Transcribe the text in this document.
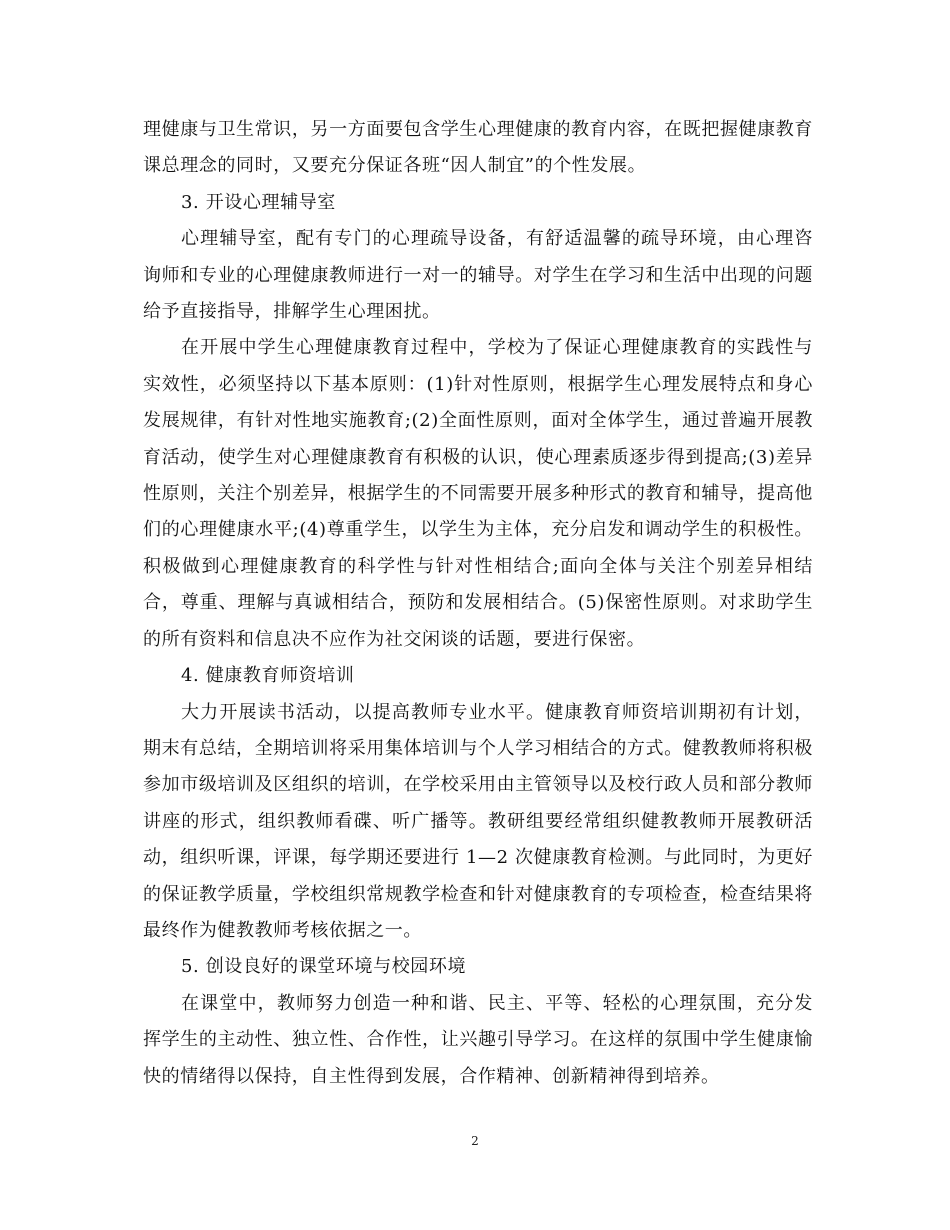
理健康与卫生常识，另一方面要包含学生心理健康的教育内容，在既把握健康教育课总理念的同时，又要充分保证各班“因人制宜”的个性发展。

3. 开设心理辅导室

心理辅导室，配有专门的心理疏导设备，有舒适温馨的疏导环境，由心理咨询师和专业的心理健康教师进行一对一的辅导。对学生在学习和生活中出现的问题给予直接指导，排解学生心理困扰。

在开展中学生心理健康教育过程中，学校为了保证心理健康教育的实践性与实效性，必须坚持以下基本原则：(1)针对性原则，根据学生心理发展特点和身心发展规律，有针对性地实施教育;(2)全面性原则，面对全体学生，通过普遍开展教育活动，使学生对心理健康教育有积极的认识，使心理素质逐步得到提高;(3)差异性原则，关注个别差异，根据学生的不同需要开展多种形式的教育和辅导，提高他们的心理健康水平;(4)尊重学生，以学生为主体，充分启发和调动学生的积极性。积极做到心理健康教育的科学性与针对性相结合;面向全体与关注个别差异相结合，尊重、理解与真诚相结合，预防和发展相结合。(5)保密性原则。对求助学生的所有资料和信息决不应作为社交闲谈的话题，要进行保密。

4. 健康教育师资培训

大力开展读书活动，以提高教师专业水平。健康教育师资培训期初有计划，期末有总结，全期培训将采用集体培训与个人学习相结合的方式。健教教师将积极参加市级培训及区组织的培训，在学校采用由主管领导以及校行政人员和部分教师讲座的形式，组织教师看碟、听广播等。教研组要经常组织健教教师开展教研活动，组织听课，评课，每学期还要进行 1—2 次健康教育检测。与此同时，为更好的保证教学质量，学校组织常规教学检查和针对健康教育的专项检查，检查结果将最终作为健教教师考核依据之一。

5. 创设良好的课堂环境与校园环境

在课堂中，教师努力创造一种和谐、民主、平等、轻松的心理氛围，充分发挥学生的主动性、独立性、合作性，让兴趣引导学习。在这样的氛围中学生健康愉快的情绪得以保持，自主性得到发展，合作精神、创新精神得到培养。

2
